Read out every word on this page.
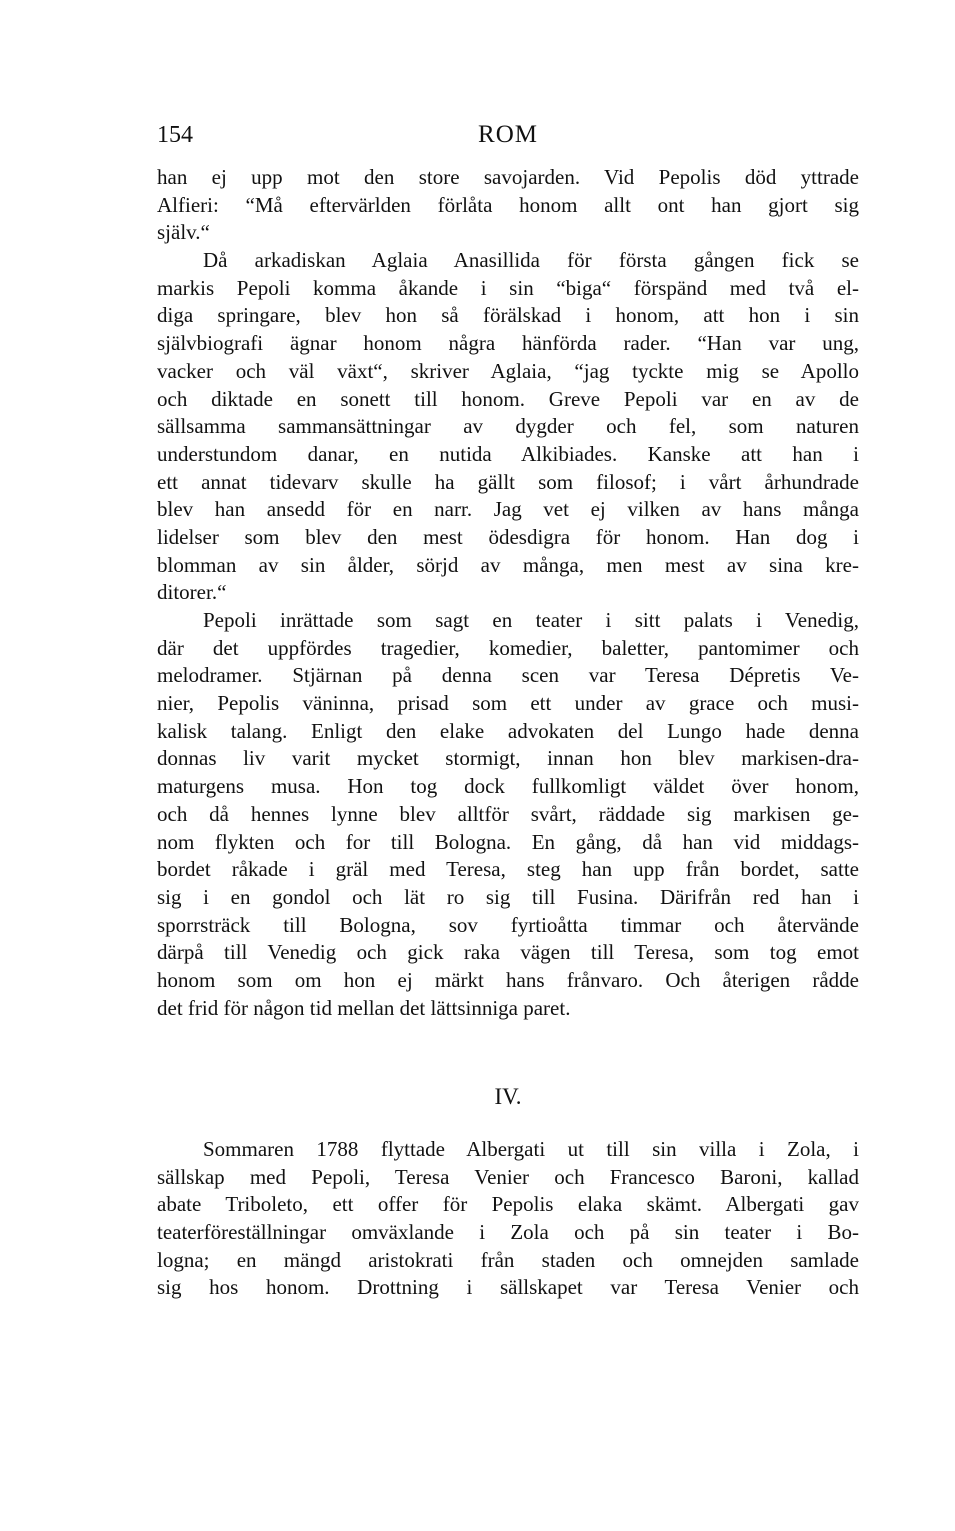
154	ROM
han ej upp mot den store savojarden. Vid Pepolis död yttrade
Alfieri: “Må eftervärlden förlåta honom allt ont han gjort sig
själv.“
Då arkadiskan Aglaia Anasillida för första gången fick se
markis Pepoli komma åkande i sin “biga“ förspänd med två el-
diga springare, blev hon så förälskad i honom, att hon i sin
självbiografi ägnar honom några hänförda rader. “Han var ung,
vacker och väl växt“, skriver Aglaia, “jag tyckte mig se Apollo
och diktade en sonett till honom. Greve Pepoli var en av de
sällsamma sammansättningar av dygder och fel, som naturen
understundom danar, en nutida Alkibiades. Kanske att han i
ett annat tidevarv skulle ha gällt som filosof; i vårt århundrade
blev han ansedd för en narr. Jag vet ej vilken av hans många
lidelser som blev den mest ödesdigra för honom. Han dog i
blomman av sin ålder, sörjd av många, men mest av sina kre-
ditorer.“
Pepoli inrättade som sagt en teater i sitt palats i Venedig,
där det uppfördes tragedier, komedier, baletter, pantomimer och
melodramer. Stjärnan på denna scen var Teresa Dépretis Ve-
nier, Pepolis väninna, prisad som ett under av grace och musi-
kalisk talang. Enligt den elake advokaten del Lungo hade denna
donnas liv varit mycket stormigt, innan hon blev markisen-dra-
maturgens musa. Hon tog dock fullkomligt väldet över honom,
och då hennes lynne blev alltför svårt, räddade sig markisen ge-
nom flykten och for till Bologna. En gång, då han vid middags-
bordet råkade i gräl med Teresa, steg han upp från bordet, satte
sig i en gondol och lät ro sig till Fusina. Därifrån red han i
sporrsträck till Bologna, sov fyrtioåtta timmar och återvände
därpå till Venedig och gick raka vägen till Teresa, som tog emot
honom som om hon ej märkt hans frånvaro. Och återigen rådde
det frid för någon tid mellan det lättsinniga paret.
IV.
Sommaren 1788 flyttade Albergati ut till sin villa i Zola, i
sällskap med Pepoli, Teresa Venier och Francesco Baroni, kallad
abate Triboleto, ett offer för Pepolis elaka skämt. Albergati gav
teaterföreställningar omväxlande i Zola och på sin teater i Bo-
logna; en mängd aristokrati från staden och omnejden samlade
sig hos honom. Drottning i sällskapet var Teresa Venier och
